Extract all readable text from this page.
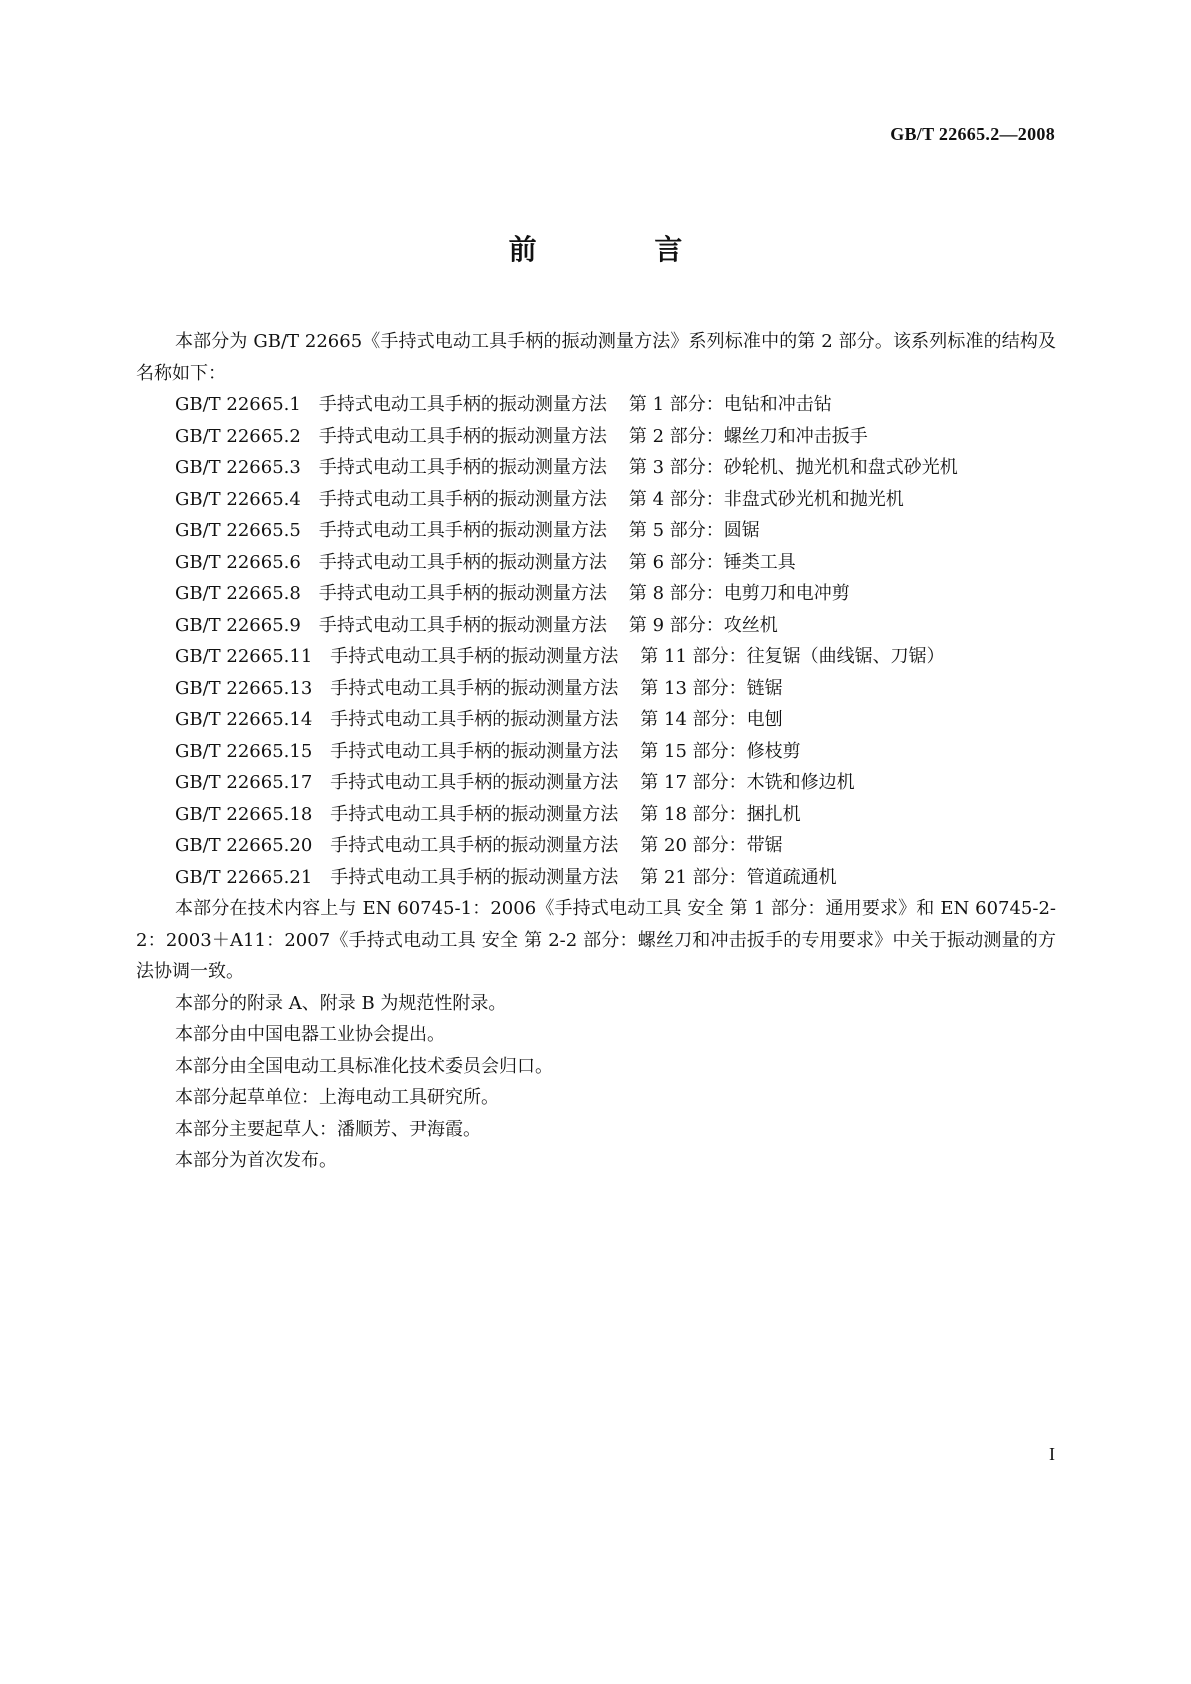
GB/T 22665.2—2008
前 言

本部分为 GB/T 22665《手持式电动工具手柄的振动测量方法》系列标准中的第 2 部分。该系列标准的结构及名称如下：

GB/T 22665.1 手持式电动工具手柄的振动测量方法 第 1 部分：电钻和冲击钻
GB/T 22665.2 手持式电动工具手柄的振动测量方法 第 2 部分：螺丝刀和冲击扳手
GB/T 22665.3 手持式电动工具手柄的振动测量方法 第 3 部分：砂轮机、抛光机和盘式砂光机
GB/T 22665.4 手持式电动工具手柄的振动测量方法 第 4 部分：非盘式砂光机和抛光机
GB/T 22665.5 手持式电动工具手柄的振动测量方法 第 5 部分：圆锯
GB/T 22665.6 手持式电动工具手柄的振动测量方法 第 6 部分：锤类工具
GB/T 22665.8 手持式电动工具手柄的振动测量方法 第 8 部分：电剪刀和电冲剪
GB/T 22665.9 手持式电动工具手柄的振动测量方法 第 9 部分：攻丝机
GB/T 22665.11 手持式电动工具手柄的振动测量方法 第 11 部分：往复锯（曲线锯、刀锯）
GB/T 22665.13 手持式电动工具手柄的振动测量方法 第 13 部分：链锯
GB/T 22665.14 手持式电动工具手柄的振动测量方法 第 14 部分：电刨
GB/T 22665.15 手持式电动工具手柄的振动测量方法 第 15 部分：修枝剪
GB/T 22665.17 手持式电动工具手柄的振动测量方法 第 17 部分：木铣和修边机
GB/T 22665.18 手持式电动工具手柄的振动测量方法 第 18 部分：捆扎机
GB/T 22665.20 手持式电动工具手柄的振动测量方法 第 20 部分：带锯
GB/T 22665.21 手持式电动工具手柄的振动测量方法 第 21 部分：管道疏通机

本部分在技术内容上与 EN 60745-1：2006《手持式电动工具 安全 第 1 部分：通用要求》和 EN 60745-2-2：2003＋A11：2007《手持式电动工具 安全 第 2-2 部分：螺丝刀和冲击扳手的专用要求》中关于振动测量的方法协调一致。

本部分的附录 A、附录 B 为规范性附录。

本部分由中国电器工业协会提出。

本部分由全国电动工具标准化技术委员会归口。

本部分起草单位：上海电动工具研究所。

本部分主要起草人：潘顺芳、尹海霞。

本部分为首次发布。

I
